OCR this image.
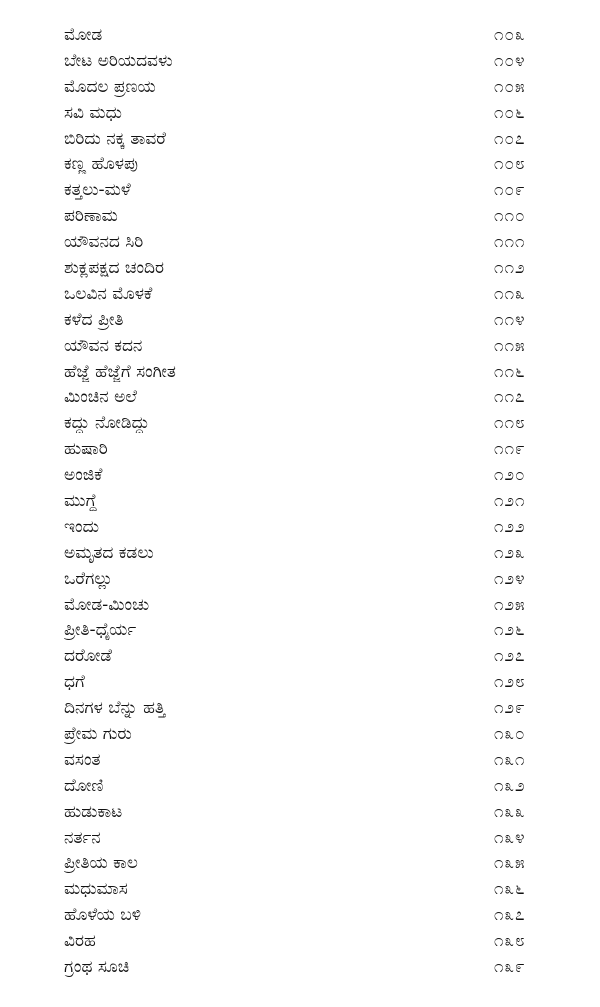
ಮೋಡ	೧೦೩
ಬೇಟ ಅರಿಯದವಳು	೧೦೪
ಮೊದಲ ಪ್ರಣಯ	೧೦೫
ಸವಿ ಮಧು	೧೦೬
ಬಿರಿದು ನಕ್ಕ ತಾವರೆ	೧೦೭
ಕಣ್ಣ ಹೊಳಪು	೧೦೮
ಕತ್ತಲು-ಮಳೆ	೧೦೯
ಪರಿಣಾಮ	೧೧೦
ಯೌವನದ ಸಿರಿ	೧೧೧
ಶುಕ್ಲಪಕ್ಷದ ಚಂದಿರ	೧೧೨
ಒಲವಿನ ಮೊಳಕೆ	೧೧೩
ಕಳೆದ ಪ್ರೀತಿ	೧೧೪
ಯೌವನ ಕದನ	೧೧೫
ಹೆಜ್ಜೆ ಹೆಜ್ಜೆಗೆ ಸಂಗೀತ	೧೧೬
ಮಿಂಚಿನ ಅಲೆ	೧೧೭
ಕದ್ದು ನೋಡಿದ್ದು	೧೧೮
ಹುಷಾರಿ	೧೧೯
ಅಂಜಿಕೆ	೧೨೦
ಮುಗ್ಧೆ	೧೨೧
ಇಂದು	೧೨೨
ಅಮೃತದ ಕಡಲು	೧೨೩
ಒರೆಗಲ್ಲು	೧೨೪
ಮೋಡ-ಮಿಂಚು	೧೨೫
ಪ್ರೀತಿ-ಧೈರ್ಯ	೧೨೬
ದರೋಡೆ	೧೨೭
ಧಗೆ	೧೨೮
ದಿನಗಳ ಬೆನ್ನು ಹತ್ತಿ	೧೨೯
ಪ್ರೇಮ ಗುರು	೧೩೦
ವಸಂತ	೧೩೧
ದೋಣಿ	೧೩೨
ಹುಡುಕಾಟ	೧೩೩
ನರ್ತನ	೧೩೪
ಪ್ರೀತಿಯ ಕಾಲ	೧೩೫
ಮಧುಮಾಸ	೧೩೬
ಹೊಳೆಯ ಬಳಿ	೧೩೭
ವಿರಹ	೧೩೮
ಗ್ರಂಥ ಸೂಚಿ	೧೩೯
